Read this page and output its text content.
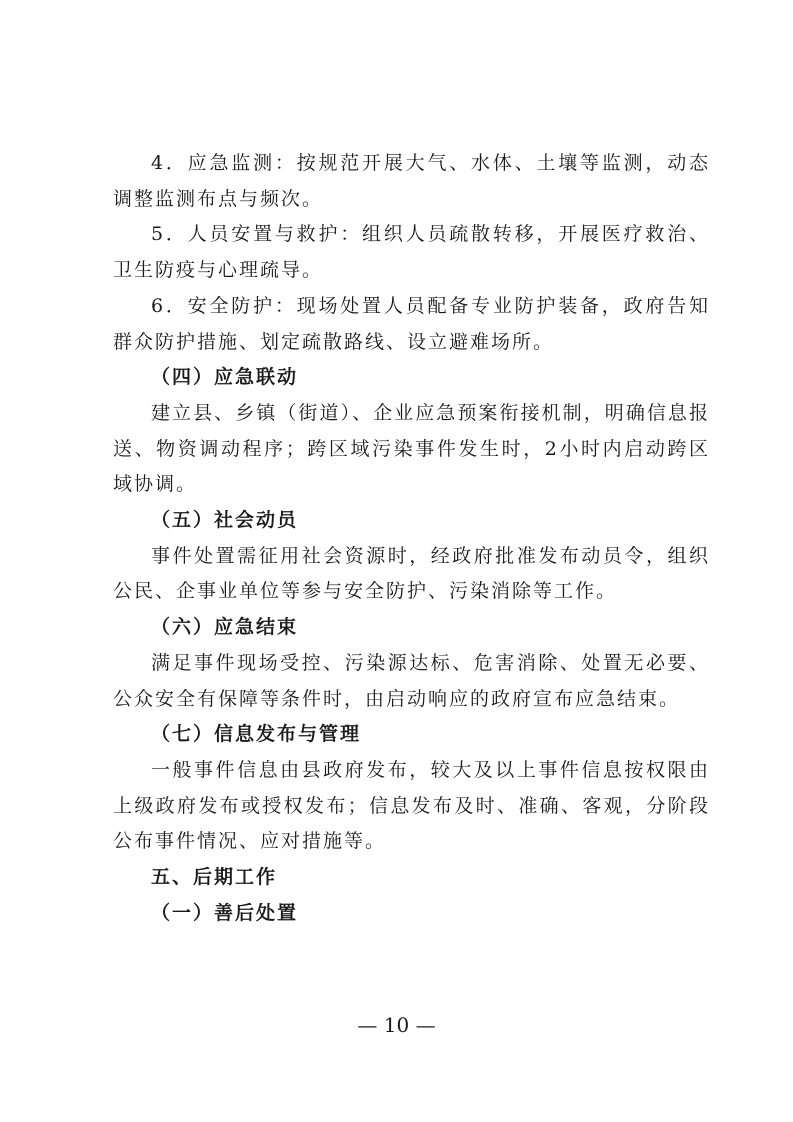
4．应急监测：按规范开展大气、水体、土壤等监测，动态调整监测布点与频次。

5．人员安置与救护：组织人员疏散转移，开展医疗救治、卫生防疫与心理疏导。

6．安全防护：现场处置人员配备专业防护装备，政府告知群众防护措施、划定疏散路线、设立避难场所。

（四）应急联动

建立县、乡镇（街道）、企业应急预案衔接机制，明确信息报送、物资调动程序；跨区域污染事件发生时，2小时内启动跨区域协调。

（五）社会动员

事件处置需征用社会资源时，经政府批准发布动员令，组织公民、企事业单位等参与安全防护、污染消除等工作。

（六）应急结束

满足事件现场受控、污染源达标、危害消除、处置无必要、公众安全有保障等条件时，由启动响应的政府宣布应急结束。

（七）信息发布与管理

一般事件信息由县政府发布，较大及以上事件信息按权限由上级政府发布或授权发布；信息发布及时、准确、客观，分阶段公布事件情况、应对措施等。

五、后期工作

（一）善后处置

— 10 —
